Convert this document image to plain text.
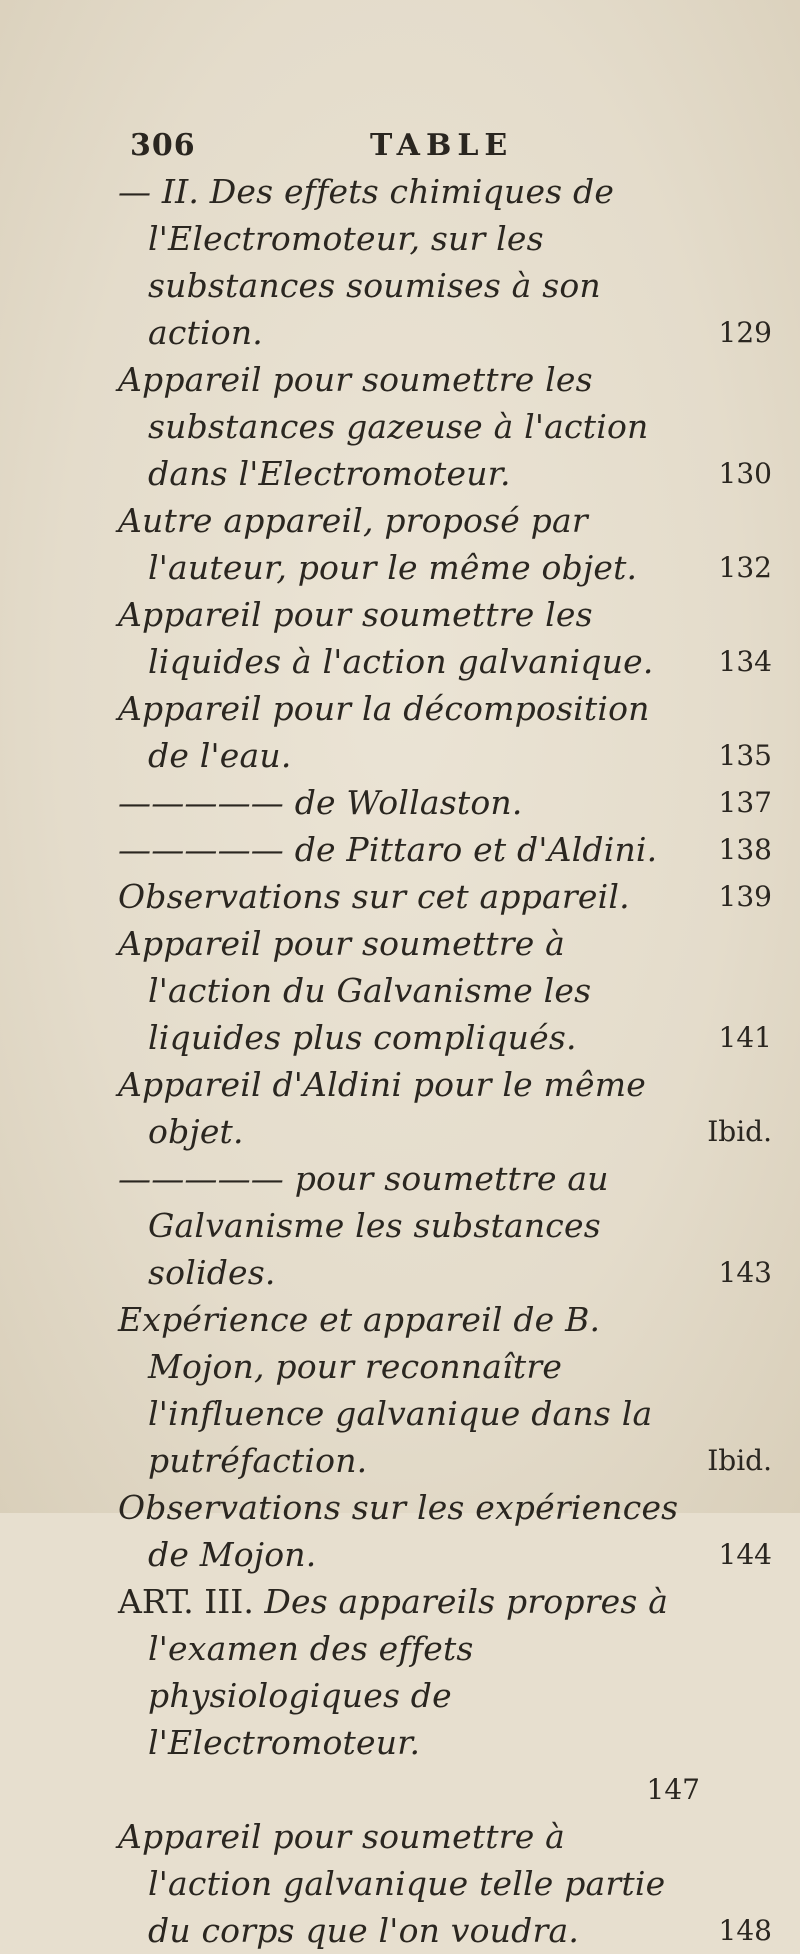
306	TABLE
— II. Des effets chimiques de l'Electromoteur, sur les substances soumises à son action.	129
Appareil pour soumettre les substances gazeuse à l'action dans l'Electromoteur.	130
Autre appareil, proposé par l'auteur, pour le même objet.	132
Appareil pour soumettre les liquides à l'action galvanique. 134
Appareil pour la décomposition de l'eau.	135
————— de Wollaston.	137
————— de Pittaro et d'Aldini. 138
Observations sur cet appareil.	139
Appareil pour soumettre à l'action du Galvanisme les liquides plus compliqués.	141
Appareil d'Aldini pour le même objet.	Ibid.
————— pour soumettre au Galvanisme les substances solides.	143
Expérience et appareil de B. Mojon, pour reconnaître l'influence galvanique dans la putréfaction.	Ibid.
Observations sur les expériences de Mojon.	144
ART. III. Des appareils propres à l'examen des effets physiologiques de l'Electromoteur.
147
Appareil pour soumettre à l'action galvanique telle partie du corps que l'on voudra.	148
